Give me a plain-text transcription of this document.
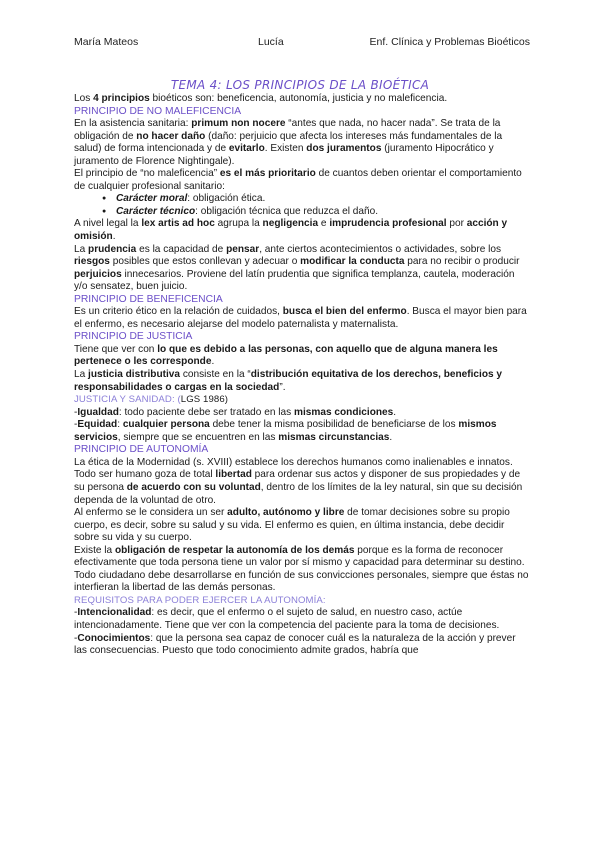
María Mateos	Lucía	Enf. Clínica y Problemas Bioéticos
TEMA 4: LOS PRINCIPIOS DE LA BIOÉTICA

Los 4 principios bioéticos son: beneficencia, autonomía, justicia y no maleficencia.

PRINCIPIO DE NO MALEFICENCIA

En la asistencia sanitaria: primum non nocere “antes que nada, no hacer nada”. Se trata de la obligación de no hacer daño (daño: perjuicio que afecta los intereses más fundamentales de la salud) de forma intencionada y de evitarlo. Existen dos juramentos (juramento Hipocrático y juramento de Florence Nightingale).

El principio de “no maleficencia” es el más prioritario de cuantos deben orientar el comportamiento de cualquier profesional sanitario:

● Carácter moral: obligación ética.
● Carácter técnico: obligación técnica que reduzca el daño.

A nivel legal la lex artis ad hoc agrupa la negligencia e imprudencia profesional por acción y omisión.

La prudencia es la capacidad de pensar, ante ciertos acontecimientos o actividades, sobre los riesgos posibles que estos conllevan y adecuar o modificar la conducta para no recibir o producir perjuicios innecesarios. Proviene del latín prudentia que significa templanza, cautela, moderación y/o sensatez, buen juicio.

PRINCIPIO DE BENEFICENCIA

Es un criterio ético en la relación de cuidados, busca el bien del enfermo. Busca el mayor bien para el enfermo, es necesario alejarse del modelo paternalista y maternalista.

PRINCIPIO DE JUSTICIA

Tiene que ver con lo que es debido a las personas, con aquello que de alguna manera les pertenece o les corresponde.

La justicia distributiva consiste en la “distribución equitativa de los derechos, beneficios y responsabilidades o cargas en la sociedad”.

JUSTICIA Y SANIDAD: (LGS 1986)

-Igualdad: todo paciente debe ser tratado en las mismas condiciones.

-Equidad: cualquier persona debe tener la misma posibilidad de beneficiarse de los mismos servicios, siempre que se encuentren en las mismas circunstancias.

PRINCIPIO DE AUTONOMÍA

La ética de la Modernidad (s. XVIII) establece los derechos humanos como inalienables e innatos. Todo ser humano goza de total libertad para ordenar sus actos y disponer de sus propiedades y de su persona de acuerdo con su voluntad, dentro de los límites de la ley natural, sin que su decisión dependa de la voluntad de otro.

Al enfermo se le considera un ser adulto, autónomo y libre de tomar decisiones sobre su propio cuerpo, es decir, sobre su salud y su vida. El enfermo es quien, en última instancia, debe decidir sobre su vida y su cuerpo.

Existe la obligación de respetar la autonomía de los demás porque es la forma de reconocer efectivamente que toda persona tiene un valor por sí mismo y capacidad para determinar su destino. Todo ciudadano debe desarrollarse en función de sus convicciones personales, siempre que éstas no interfieran la libertad de las demás personas.

REQUISITOS PARA PODER EJERCER LA AUTONOMÍA:

-Intencionalidad: es decir, que el enfermo o el sujeto de salud, en nuestro caso, actúe intencionadamente. Tiene que ver con la competencia del paciente para la toma de decisiones.

-Conocimientos: que la persona sea capaz de conocer cuál es la naturaleza de la acción y prever las consecuencias. Puesto que todo conocimiento admite grados, habría que
